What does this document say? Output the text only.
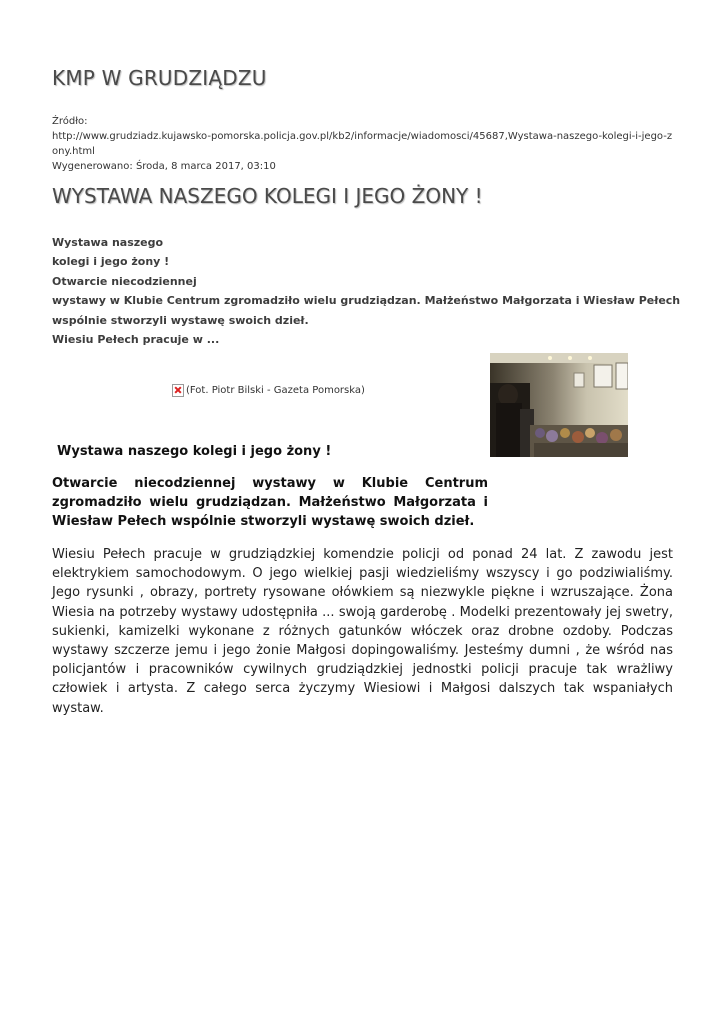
KMP W GRUDZIĄDZU
Źródło:
http://www.grudziadz.kujawsko-pomorska.policja.gov.pl/kb2/informacje/wiadomosci/45687,Wystawa-naszego-kolegi-i-jego-zony.html
Wygenerowano: Środa, 8 marca 2017, 03:10
WYSTAWA NASZEGO KOLEGI I JEGO ŻONY !
Wystawa naszego
kolegi i jego żony !
Otwarcie niecodziennej
wystawy w Klubie Centrum zgromadziło wielu grudziądzan. Małżeństwo Małgorzata i Wiesław Pełech
wspólnie stworzyli wystawę swoich dzieł.
Wiesiu Pełech pracuje w ...
(Fot. Piotr Bilski - Gazeta Pomorska)
Wystawa naszego kolegi i jego żony !

Otwarcie niecodziennej wystawy w Klubie Centrum zgromadziło wielu grudziądzan. Małżeństwo Małgorzata i Wiesław Pełech wspólnie stworzyli wystawę swoich dzieł.

Wiesiu Pełech pracuje w grudziądzkiej komendzie policji od ponad 24 lat. Z zawodu jest elektrykiem samochodowym. O jego wielkiej pasji wiedzieliśmy wszyscy i go podziwialiśmy. Jego rysunki , obrazy, portrety rysowane ołówkiem są niezwykle piękne i wzruszające. Żona Wiesia na potrzeby wystawy udostępniła ... swoją garderobę . Modelki prezentowały jej swetry, sukienki, kamizelki wykonane z różnych gatunków włóczek oraz drobne ozdoby. Podczas wystawy szczerze jemu i jego żonie Małgosi dopingowaliśmy. Jesteśmy dumni , że wśród nas policjantów i pracowników cywilnych grudziądzkiej jednostki policji pracuje tak wrażliwy człowiek i artysta. Z całego serca życzymy Wiesiowi i Małgosi dalszych tak wspaniałych wystaw.
